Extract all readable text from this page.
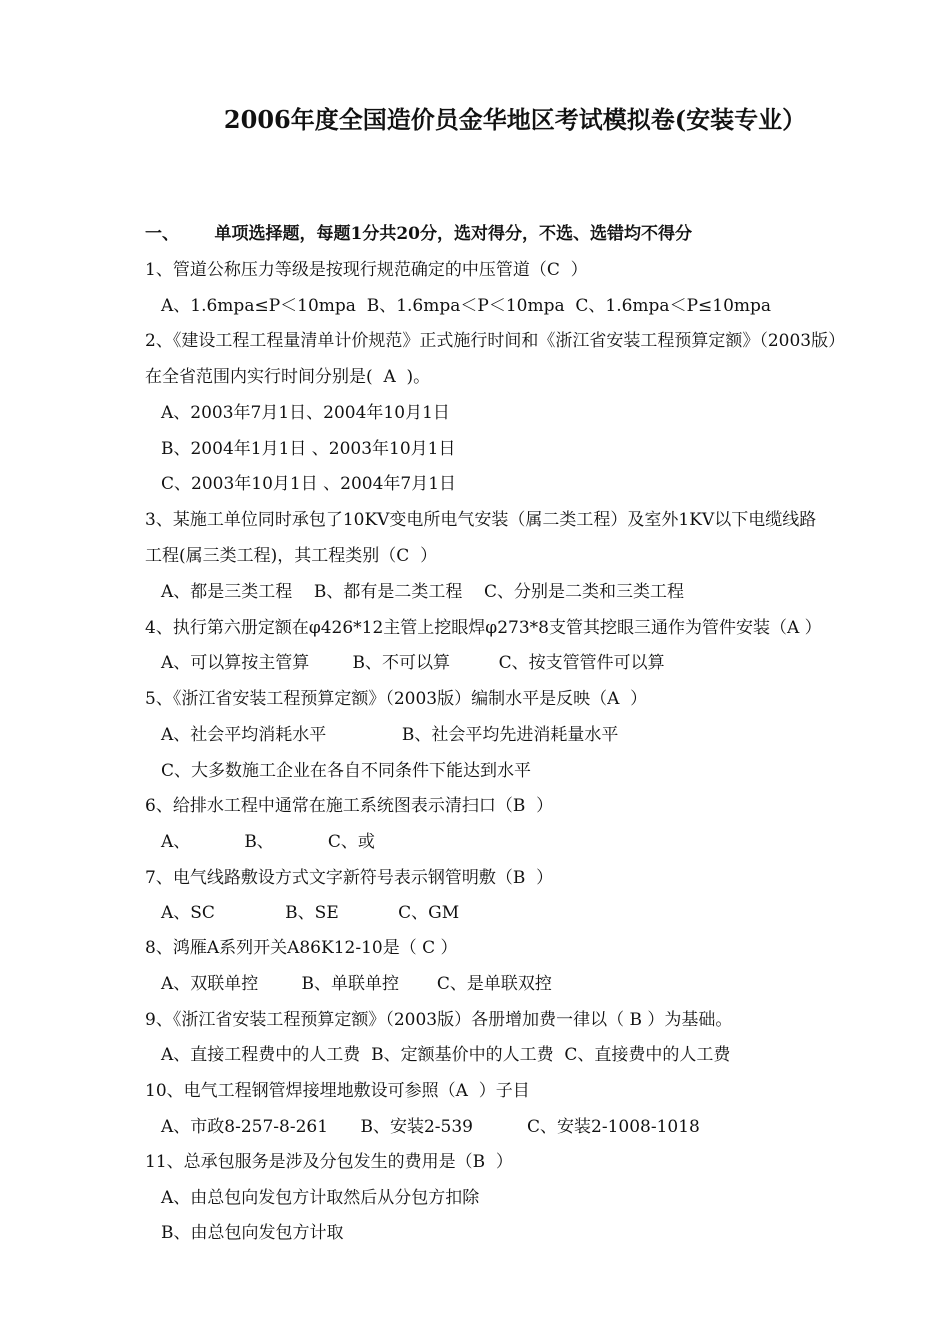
2006年度全国造价员金华地区考试模拟卷(安装专业）
一、      单项选择题，每题1分共20分，选对得分，不选、选错均不得分
1、管道公称压力等级是按现行规范确定的中压管道（C  ）
A、1.6mpa≤P＜10mpa  B、1.6mpa＜P＜10mpa  C、1.6mpa＜P≤10mpa
2、《建设工程工程量清单计价规范》正式施行时间和《浙江省安装工程预算定额》（2003版）
在全省范围内实行时间分别是(  A  )。
A、2003年7月1日、2004年10月1日
B、2004年1月1日 、2003年10月1日
C、2003年10月1日 、2004年7月1日
3、某施工单位同时承包了10KV变电所电气安装（属二类工程）及室外1KV以下电缆线路
工程(属三类工程)，其工程类别（C  ）
A、都是三类工程    B、都有是二类工程    C、分别是二类和三类工程
4、执行第六册定额在φ426*12主管上挖眼焊φ273*8支管其挖眼三通作为管件安装（A ）
A、可以算按主管算        B、不可以算         C、按支管管件可以算
5、《浙江省安装工程预算定额》（2003版）编制水平是反映（A  ）
A、社会平均消耗水平              B、社会平均先进消耗量水平
C、大多数施工企业在各自不同条件下能达到水平
6、给排水工程中通常在施工系统图表示清扫口（B  ）
A、          B、          C、或
7、电气线路敷设方式文字新符号表示钢管明敷（B  ）
A、SC             B、SE           C、GM
8、鸿雁A系列开关A86K12-10是（ C ）
A、双联单控        B、单联单控       C、是单联双控
9、《浙江省安装工程预算定额》（2003版）各册增加费一律以（ B ）为基础。
A、直接工程费中的人工费  B、定额基价中的人工费  C、直接费中的人工费
10、电气工程钢管焊接埋地敷设可参照（A  ）子目
A、市政8-257-8-261      B、安装2-539          C、安装2-1008-1018
11、总承包服务是涉及分包发生的费用是（B  ）
A、由总包向发包方计取然后从分包方扣除
B、由总包向发包方计取
